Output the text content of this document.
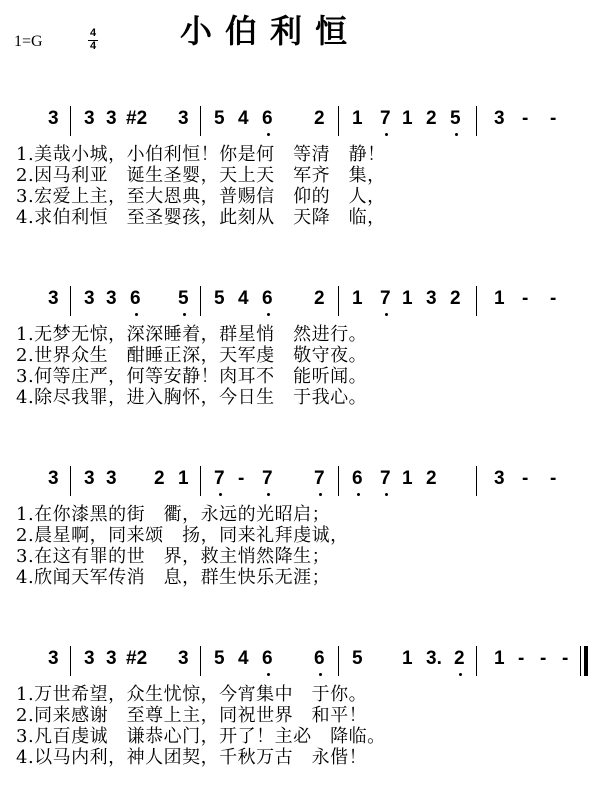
1=G	4
4	小伯利恒
3 3 3 #2 3 5 4 6 2 1 7 1 2 5 3 - -
1.美哉小城，小伯利恒！你是何　等清　静！
2.因马利亚　诞生圣婴，天上天　军齐　集，
3.宏爱上主，至大恩典，普赐信　仰的　人，
4.求伯利恒　至圣婴孩，此刻从　天降　临，
3 3 3 6 5 5 4 6 2 1 7 1 3 2 1 - -
1.无梦无惊，深深睡着，群星悄　然进行。
2.世界众生　酣睡正深，天军虔　敬守夜。
3.何等庄严，何等安静！肉耳不　能听闻。
4.除尽我罪，进入胸怀，今日生　于我心。
3 3 3 2 1 7 - 7 7 6 7 1 2	3 - -
1.在你漆黑的街　衢，永远的光昭启；
2.晨星啊，同来颂　扬，同来礼拜虔诚，
3.在这有罪的世　界，救主悄然降生；
4.欣闻天军传消　息，群生快乐无涯；
3 3 3 #2 3 5 4 6 6 5 1 3. 2 1 - - -
1.万世希望，众生忧惊，今宵集中　于你。
2.同来感谢　至尊上主，同祝世界　和平！
3.凡百虔诚　谦恭心门，开了！主必　降临。
4.以马内利，神人团契，千秋万古　永偕！
